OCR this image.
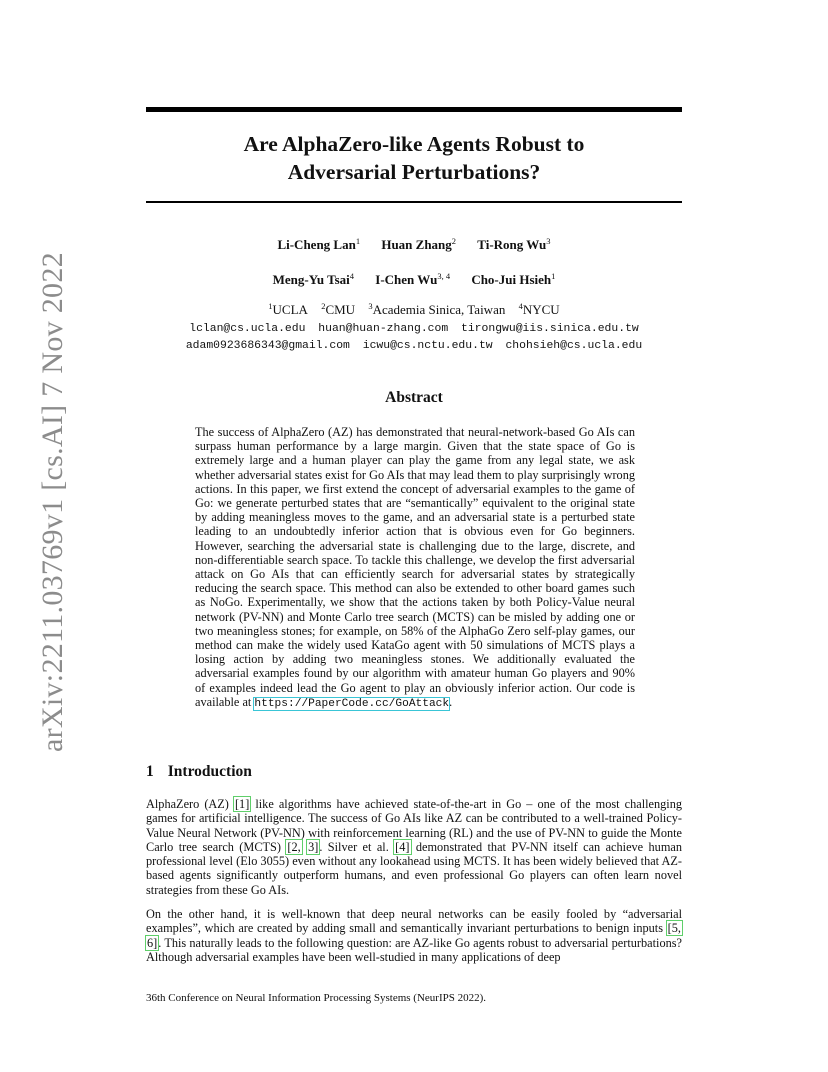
arXiv:2211.03769v1 [cs.AI] 7 Nov 2022
Are AlphaZero-like Agents Robust to
Adversarial Perturbations?
Li-Cheng Lan$^1$ Huan Zhang$^2$ Ti-Rong Wu$^3$
Meng-Yu Tsai$^4$ I-Chen Wu$^{3, 4}$ Cho-Jui Hsieh$^1$
$^1$UCLA $^2$CMU $^3$Academia Sinica, Taiwan $^4$NYCU
lclan@cs.ucla.edu huan@huan-zhang.com tirongwu@iis.sinica.edu.tw
adam0923686343@gmail.com icwu@cs.nctu.edu.tw chohsieh@cs.ucla.edu
Abstract
The success of AlphaZero (AZ) has demonstrated that neural-network-based Go AIs can surpass human performance by a large margin. Given that the state space of Go is extremely large and a human player can play the game from any legal state, we ask whether adversarial states exist for Go AIs that may lead them to play surprisingly wrong actions. In this paper, we first extend the concept of adversarial examples to the game of Go: we generate perturbed states that are “semantically” equivalent to the original state by adding meaningless moves to the game, and an adversarial state is a perturbed state leading to an undoubtedly inferior action that is obvious even for Go beginners. However, searching the adversarial state is challenging due to the large, discrete, and non-differentiable search space. To tackle this challenge, we develop the first adversarial attack on Go AIs that can efficiently search for adversarial states by strategically reducing the search space. This method can also be extended to other board games such as NoGo. Experimentally, we show that the actions taken by both Policy-Value neural network (PV-NN) and Monte Carlo tree search (MCTS) can be misled by adding one or two meaningless stones; for example, on 58% of the AlphaGo Zero self-play games, our method can make the widely used KataGo agent with 50 simulations of MCTS plays a losing action by adding two meaningless stones. We additionally evaluated the adversarial examples found by our algorithm with amateur human Go players and 90% of examples indeed lead the Go agent to play an obviously inferior action. Our code is available at https://PaperCode.cc/GoAttack.
1 Introduction
AlphaZero (AZ) [1] like algorithms have achieved state-of-the-art in Go – one of the most challenging games for artificial intelligence. The success of Go AIs like AZ can be contributed to a well-trained Policy-Value Neural Network (PV-NN) with reinforcement learning (RL) and the use of PV-NN to guide the Monte Carlo tree search (MCTS) [2, 3]. Silver et al. [4] demonstrated that PV-NN itself can achieve human professional level (Elo 3055) even without any lookahead using MCTS. It has been widely believed that AZ-based agents significantly outperform humans, and even professional Go players can often learn novel strategies from these Go AIs.
On the other hand, it is well-known that deep neural networks can be easily fooled by “adversarial examples”, which are created by adding small and semantically invariant perturbations to benign inputs [5, 6]. This naturally leads to the following question: are AZ-like Go agents robust to adversarial perturbations? Although adversarial examples have been well-studied in many applications of deep
36th Conference on Neural Information Processing Systems (NeurIPS 2022).
